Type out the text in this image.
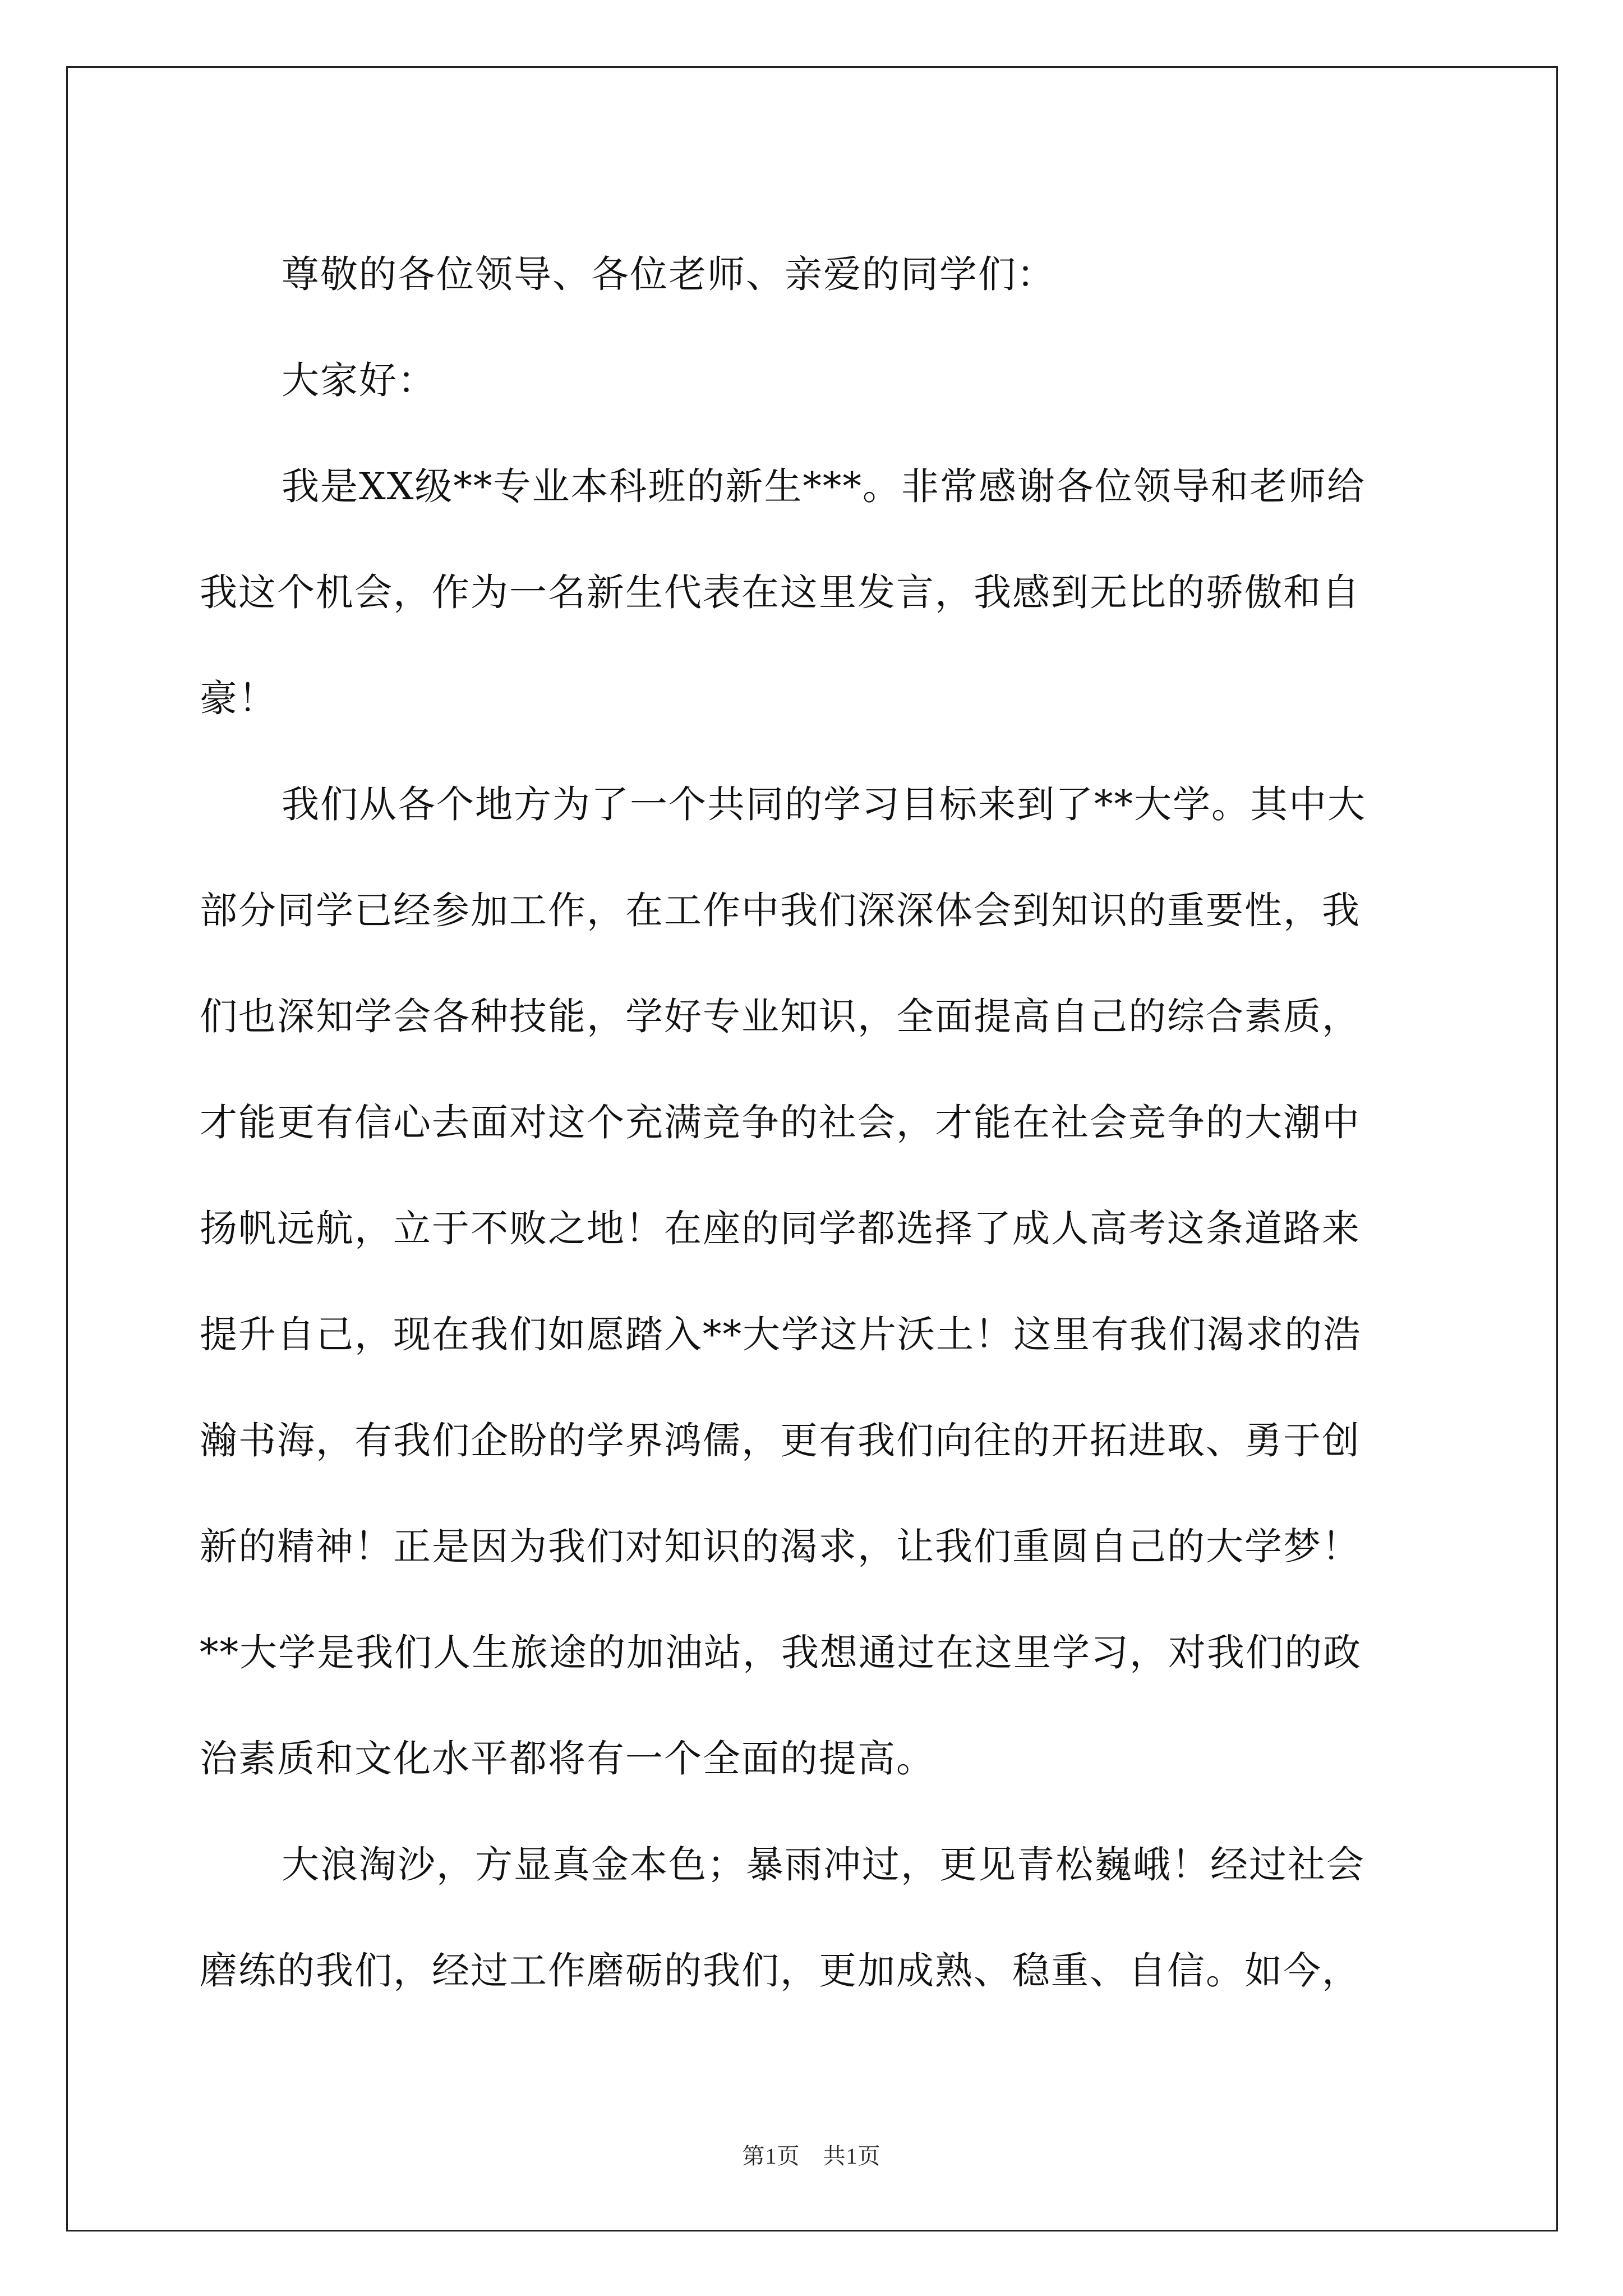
尊敬的各位领导、各位老师、亲爱的同学们：
大家好：
我是XX级**专业本科班的新生***。非常感谢各位领导和老师给
我这个机会，作为一名新生代表在这里发言，我感到无比的骄傲和自
豪！
我们从各个地方为了一个共同的学习目标来到了**大学。其中大
部分同学已经参加工作，在工作中我们深深体会到知识的重要性，我
们也深知学会各种技能，学好专业知识，全面提高自己的综合素质，
才能更有信心去面对这个充满竞争的社会，才能在社会竞争的大潮中
扬帆远航，立于不败之地！在座的同学都选择了成人高考这条道路来
提升自己，现在我们如愿踏入**大学这片沃土！这里有我们渴求的浩
瀚书海，有我们企盼的学界鸿儒，更有我们向往的开拓进取、勇于创
新的精神！正是因为我们对知识的渴求，让我们重圆自己的大学梦！
**大学是我们人生旅途的加油站，我想通过在这里学习，对我们的政
治素质和文化水平都将有一个全面的提高。
大浪淘沙，方显真金本色；暴雨冲过，更见青松巍峨！经过社会
磨练的我们，经过工作磨砺的我们，更加成熟、稳重、自信。如今，
第1页　共1页
